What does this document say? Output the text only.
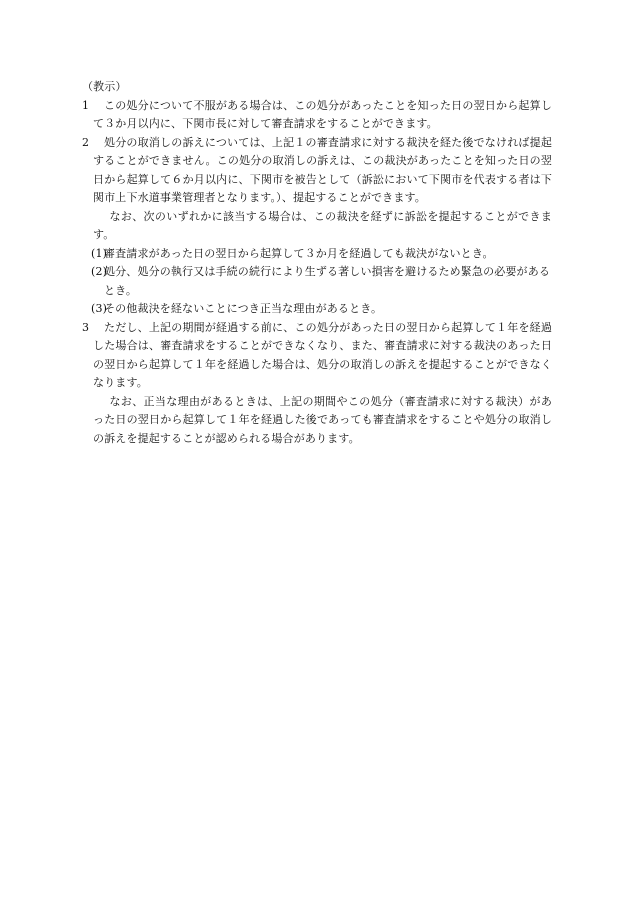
（教示）
1	この処分について不服がある場合は、この処分があったことを知った日の翌日から起算して３か月以内に、下関市長に対して審査請求をすることができます。
2	処分の取消しの訴えについては、上記１の審査請求に対する裁決を経た後でなければ提起することができません。この処分の取消しの訴えは、この裁決があったことを知った日の翌日から起算して６か月以内に、下関市を被告として（訴訟において下関市を代表する者は下関市上下水道事業管理者となります。）、提起することができます。
なお、次のいずれかに該当する場合は、この裁決を経ずに訴訟を提起することができます。
(1)
審査請求があった日の翌日から起算して３か月を経過しても裁決がないとき。
(2)
処分、処分の執行又は手続の続行により生ずる著しい損害を避けるため緊急の必要があるとき。
(3)
その他裁決を経ないことにつき正当な理由があるとき。
3	ただし、上記の期間が経過する前に、この処分があった日の翌日から起算して１年を経過した場合は、審査請求をすることができなくなり、また、審査請求に対する裁決のあった日の翌日から起算して１年を経過した場合は、処分の取消しの訴えを提起することができなくなります。
なお、正当な理由があるときは、上記の期間やこの処分（審査請求に対する裁決）があった日の翌日から起算して１年を経過した後であっても審査請求をすることや処分の取消しの訴えを提起することが認められる場合があります。
